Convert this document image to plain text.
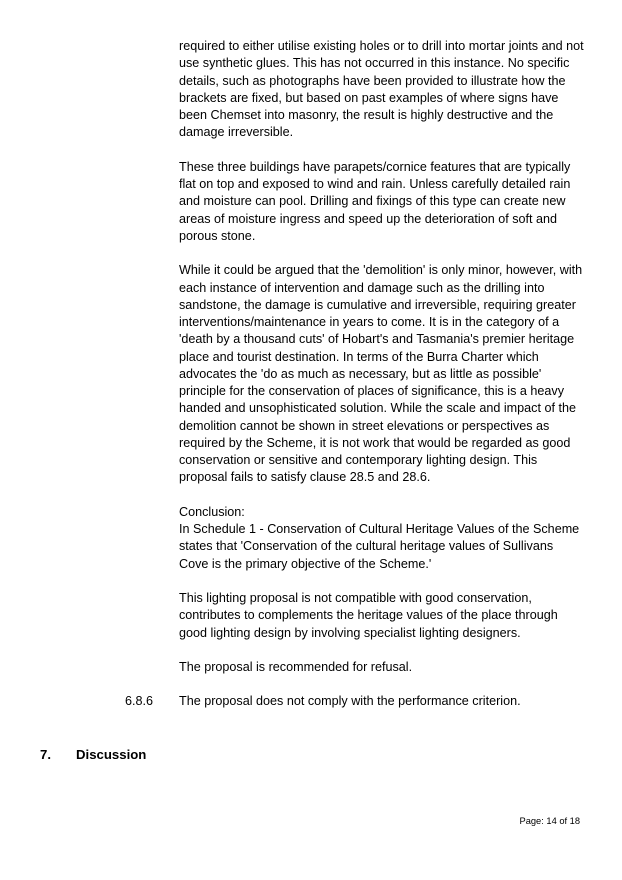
required to either utilise existing holes or to drill into mortar joints and not use synthetic glues. This has not occurred in this instance. No specific details, such as photographs have been provided to illustrate how the brackets are fixed, but based on past examples of where signs have been Chemset into masonry, the result is highly destructive and the damage irreversible.

These three buildings have parapets/cornice features that are typically flat on top and exposed to wind and rain. Unless carefully detailed rain and moisture can pool. Drilling and fixings of this type can create new areas of moisture ingress and speed up the deterioration of soft and porous stone.

While it could be argued that the 'demolition' is only minor, however, with each instance of intervention and damage such as the drilling into sandstone, the damage is cumulative and irreversible, requiring greater interventions/maintenance in years to come. It is in the category of a 'death by a thousand cuts' of Hobart's and Tasmania's premier heritage place and tourist destination. In terms of the Burra Charter which advocates the 'do as much as necessary, but as little as possible' principle for the conservation of places of significance, this is a heavy handed and unsophisticated solution. While the scale and impact of the demolition cannot be shown in street elevations or perspectives as required by the Scheme, it is not work that would be regarded as good conservation or sensitive and contemporary lighting design. This proposal fails to satisfy clause 28.5 and 28.6.

Conclusion:

In Schedule 1 - Conservation of Cultural Heritage Values of the Scheme states that 'Conservation of the cultural heritage values of Sullivans Cove is the primary objective of the Scheme.'

This lighting proposal is not compatible with good conservation, contributes to complements the heritage values of the place through good lighting design by involving specialist lighting designers.

The proposal is recommended for refusal.

6.8.6	The proposal does not comply with the performance criterion.
7. Discussion
Page: 14 of 18
